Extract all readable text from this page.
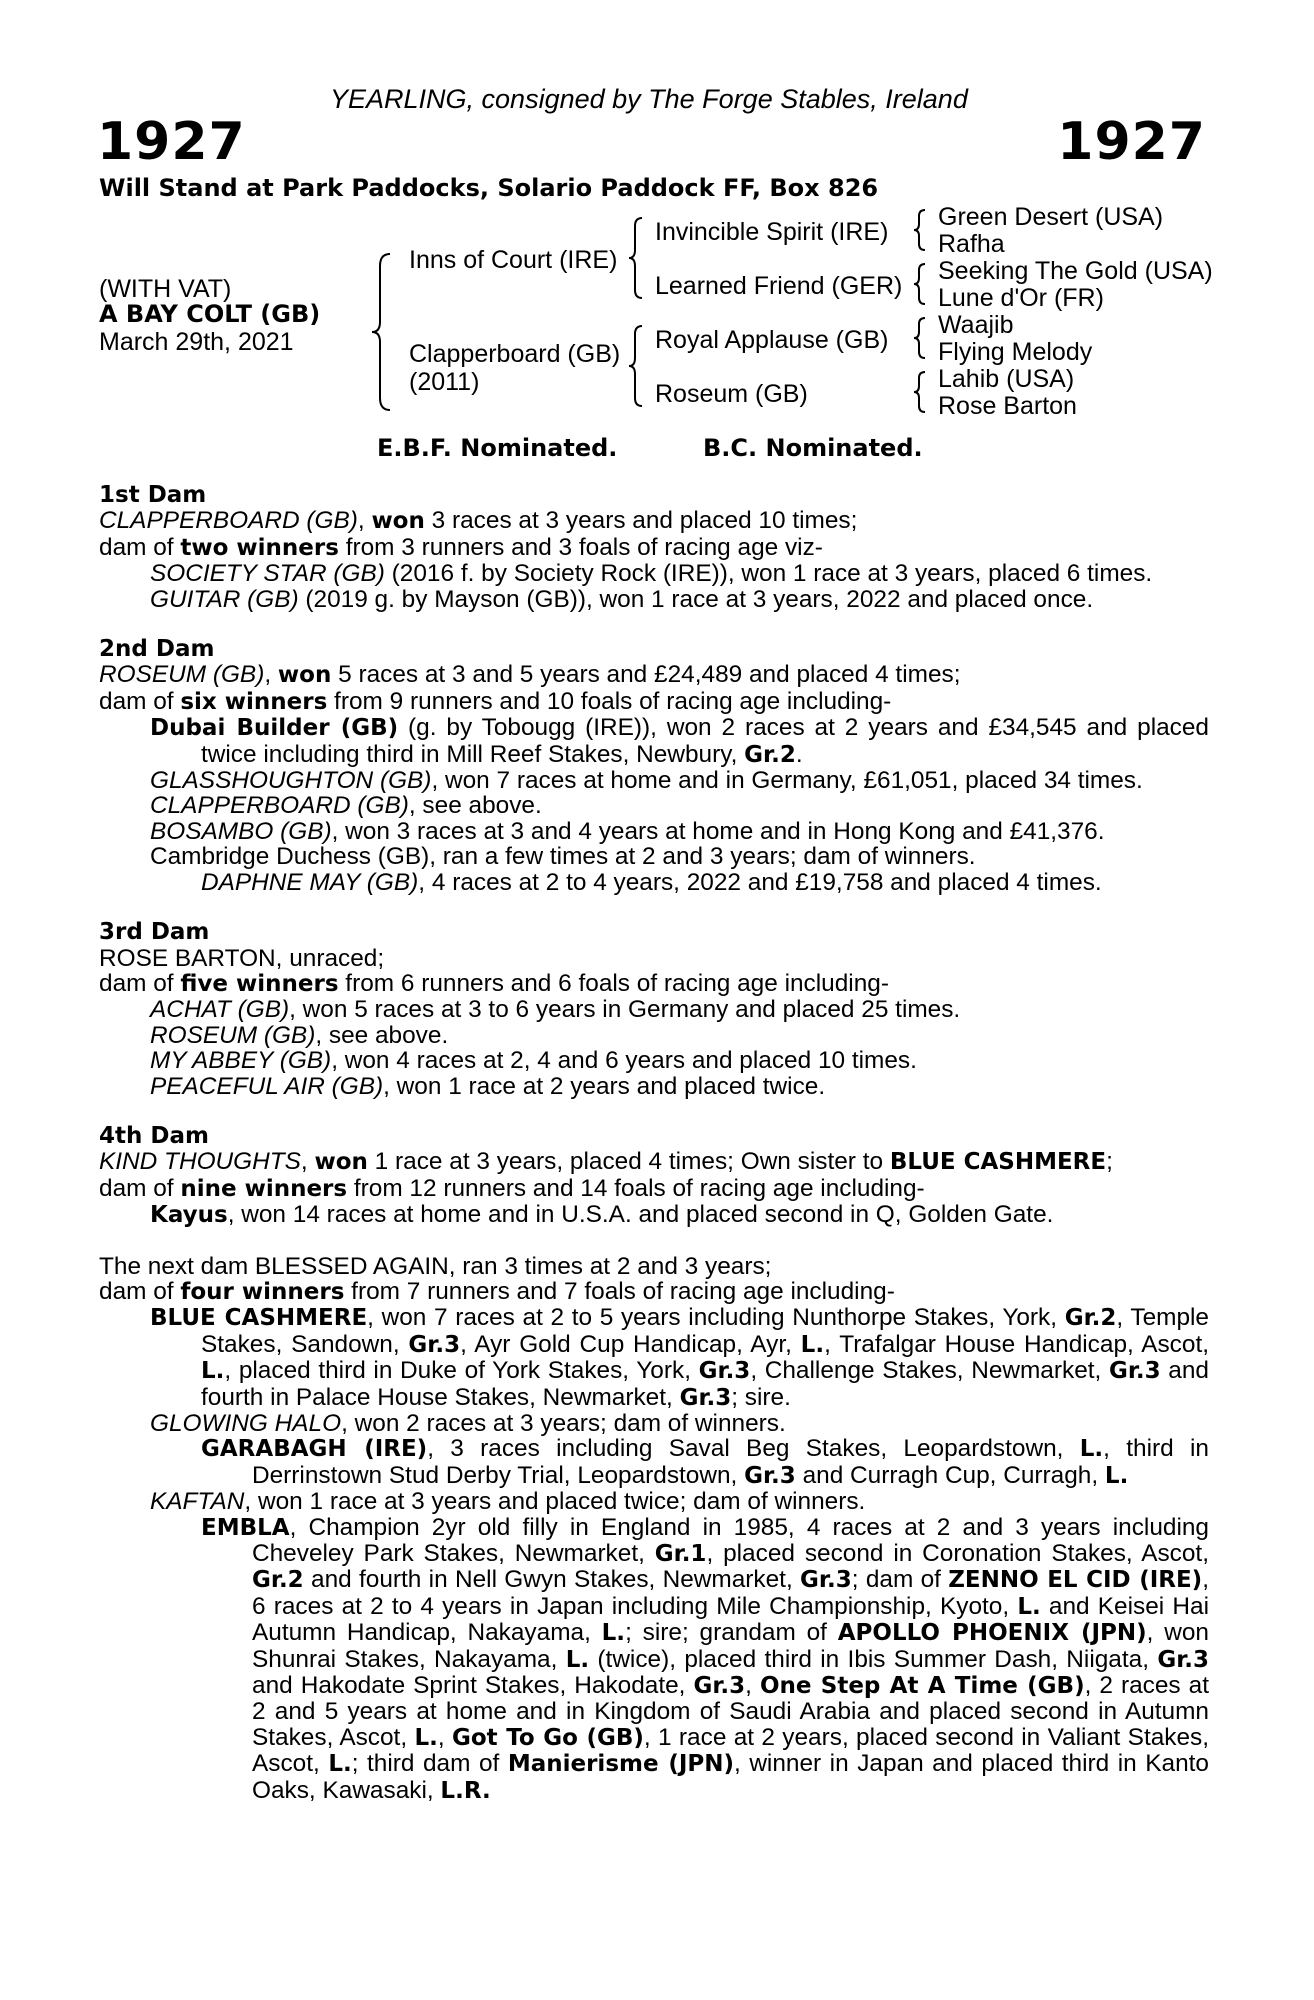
YEARLING, consigned by The Forge Stables, Ireland
1927	1927
Will Stand at Park Paddocks, Solario Paddock FF, Box 826
(WITH VAT)
A BAY COLT (GB)
March 29th, 2021
Inns of Court (IRE)
Clapperboard (GB)
(2011)
Invincible Spirit (IRE)
Learned Friend (GER)
Royal Applause (GB)
Roseum (GB)
Green Desert (USA)
Rafha
Seeking The Gold (USA)
Lune d'Or (FR)
Waajib
Flying Melody
Lahib (USA)
Rose Barton
E.B.F. Nominated.	B.C. Nominated.
1st Dam
CLAPPERBOARD (GB), won 3 races at 3 years and placed 10 times;
dam of two winners from 3 runners and 3 foals of racing age viz-
SOCIETY STAR (GB) (2016 f. by Society Rock (IRE)), won 1 race at 3 years, placed 6 times.
GUITAR (GB) (2019 g. by Mayson (GB)), won 1 race at 3 years, 2022 and placed once.
2nd Dam
ROSEUM (GB), won 5 races at 3 and 5 years and £24,489 and placed 4 times;
dam of six winners from 9 runners and 10 foals of racing age including-
Dubai Builder (GB) (g. by Tobougg (IRE)), won 2 races at 2 years and £34,545 and placed twice including third in Mill Reef Stakes, Newbury, Gr.2.
GLASSHOUGHTON (GB), won 7 races at home and in Germany, £61,051, placed 34 times.
CLAPPERBOARD (GB), see above.
BOSAMBO (GB), won 3 races at 3 and 4 years at home and in Hong Kong and £41,376.
Cambridge Duchess (GB), ran a few times at 2 and 3 years; dam of winners.
DAPHNE MAY (GB), 4 races at 2 to 4 years, 2022 and £19,758 and placed 4 times.
3rd Dam
ROSE BARTON, unraced;
dam of five winners from 6 runners and 6 foals of racing age including-
ACHAT (GB), won 5 races at 3 to 6 years in Germany and placed 25 times.
ROSEUM (GB), see above.
MY ABBEY (GB), won 4 races at 2, 4 and 6 years and placed 10 times.
PEACEFUL AIR (GB), won 1 race at 2 years and placed twice.
4th Dam
KIND THOUGHTS, won 1 race at 3 years, placed 4 times; Own sister to BLUE CASHMERE;
dam of nine winners from 12 runners and 14 foals of racing age including-
Kayus, won 14 races at home and in U.S.A. and placed second in Q, Golden Gate.
The next dam BLESSED AGAIN, ran 3 times at 2 and 3 years;
dam of four winners from 7 runners and 7 foals of racing age including-
BLUE CASHMERE, won 7 races at 2 to 5 years including Nunthorpe Stakes, York, Gr.2, Temple Stakes, Sandown, Gr.3, Ayr Gold Cup Handicap, Ayr, L., Trafalgar House Handicap, Ascot, L., placed third in Duke of York Stakes, York, Gr.3, Challenge Stakes, Newmarket, Gr.3 and fourth in Palace House Stakes, Newmarket, Gr.3; sire.
GLOWING HALO, won 2 races at 3 years; dam of winners.
GARABAGH (IRE), 3 races including Saval Beg Stakes, Leopardstown, L., third in Derrinstown Stud Derby Trial, Leopardstown, Gr.3 and Curragh Cup, Curragh, L.
KAFTAN, won 1 race at 3 years and placed twice; dam of winners.
EMBLA, Champion 2yr old filly in England in 1985, 4 races at 2 and 3 years including Cheveley Park Stakes, Newmarket, Gr.1, placed second in Coronation Stakes, Ascot, Gr.2 and fourth in Nell Gwyn Stakes, Newmarket, Gr.3; dam of ZENNO EL CID (IRE), 6 races at 2 to 4 years in Japan including Mile Championship, Kyoto, L. and Keisei Hai Autumn Handicap, Nakayama, L.; sire; grandam of APOLLO PHOENIX (JPN), won Shunrai Stakes, Nakayama, L. (twice), placed third in Ibis Summer Dash, Niigata, Gr.3 and Hakodate Sprint Stakes, Hakodate, Gr.3, One Step At A Time (GB), 2 races at 2 and 5 years at home and in Kingdom of Saudi Arabia and placed second in Autumn Stakes, Ascot, L., Got To Go (GB), 1 race at 2 years, placed second in Valiant Stakes, Ascot, L.; third dam of Manierisme (JPN), winner in Japan and placed third in Kanto Oaks, Kawasaki, L.R.
